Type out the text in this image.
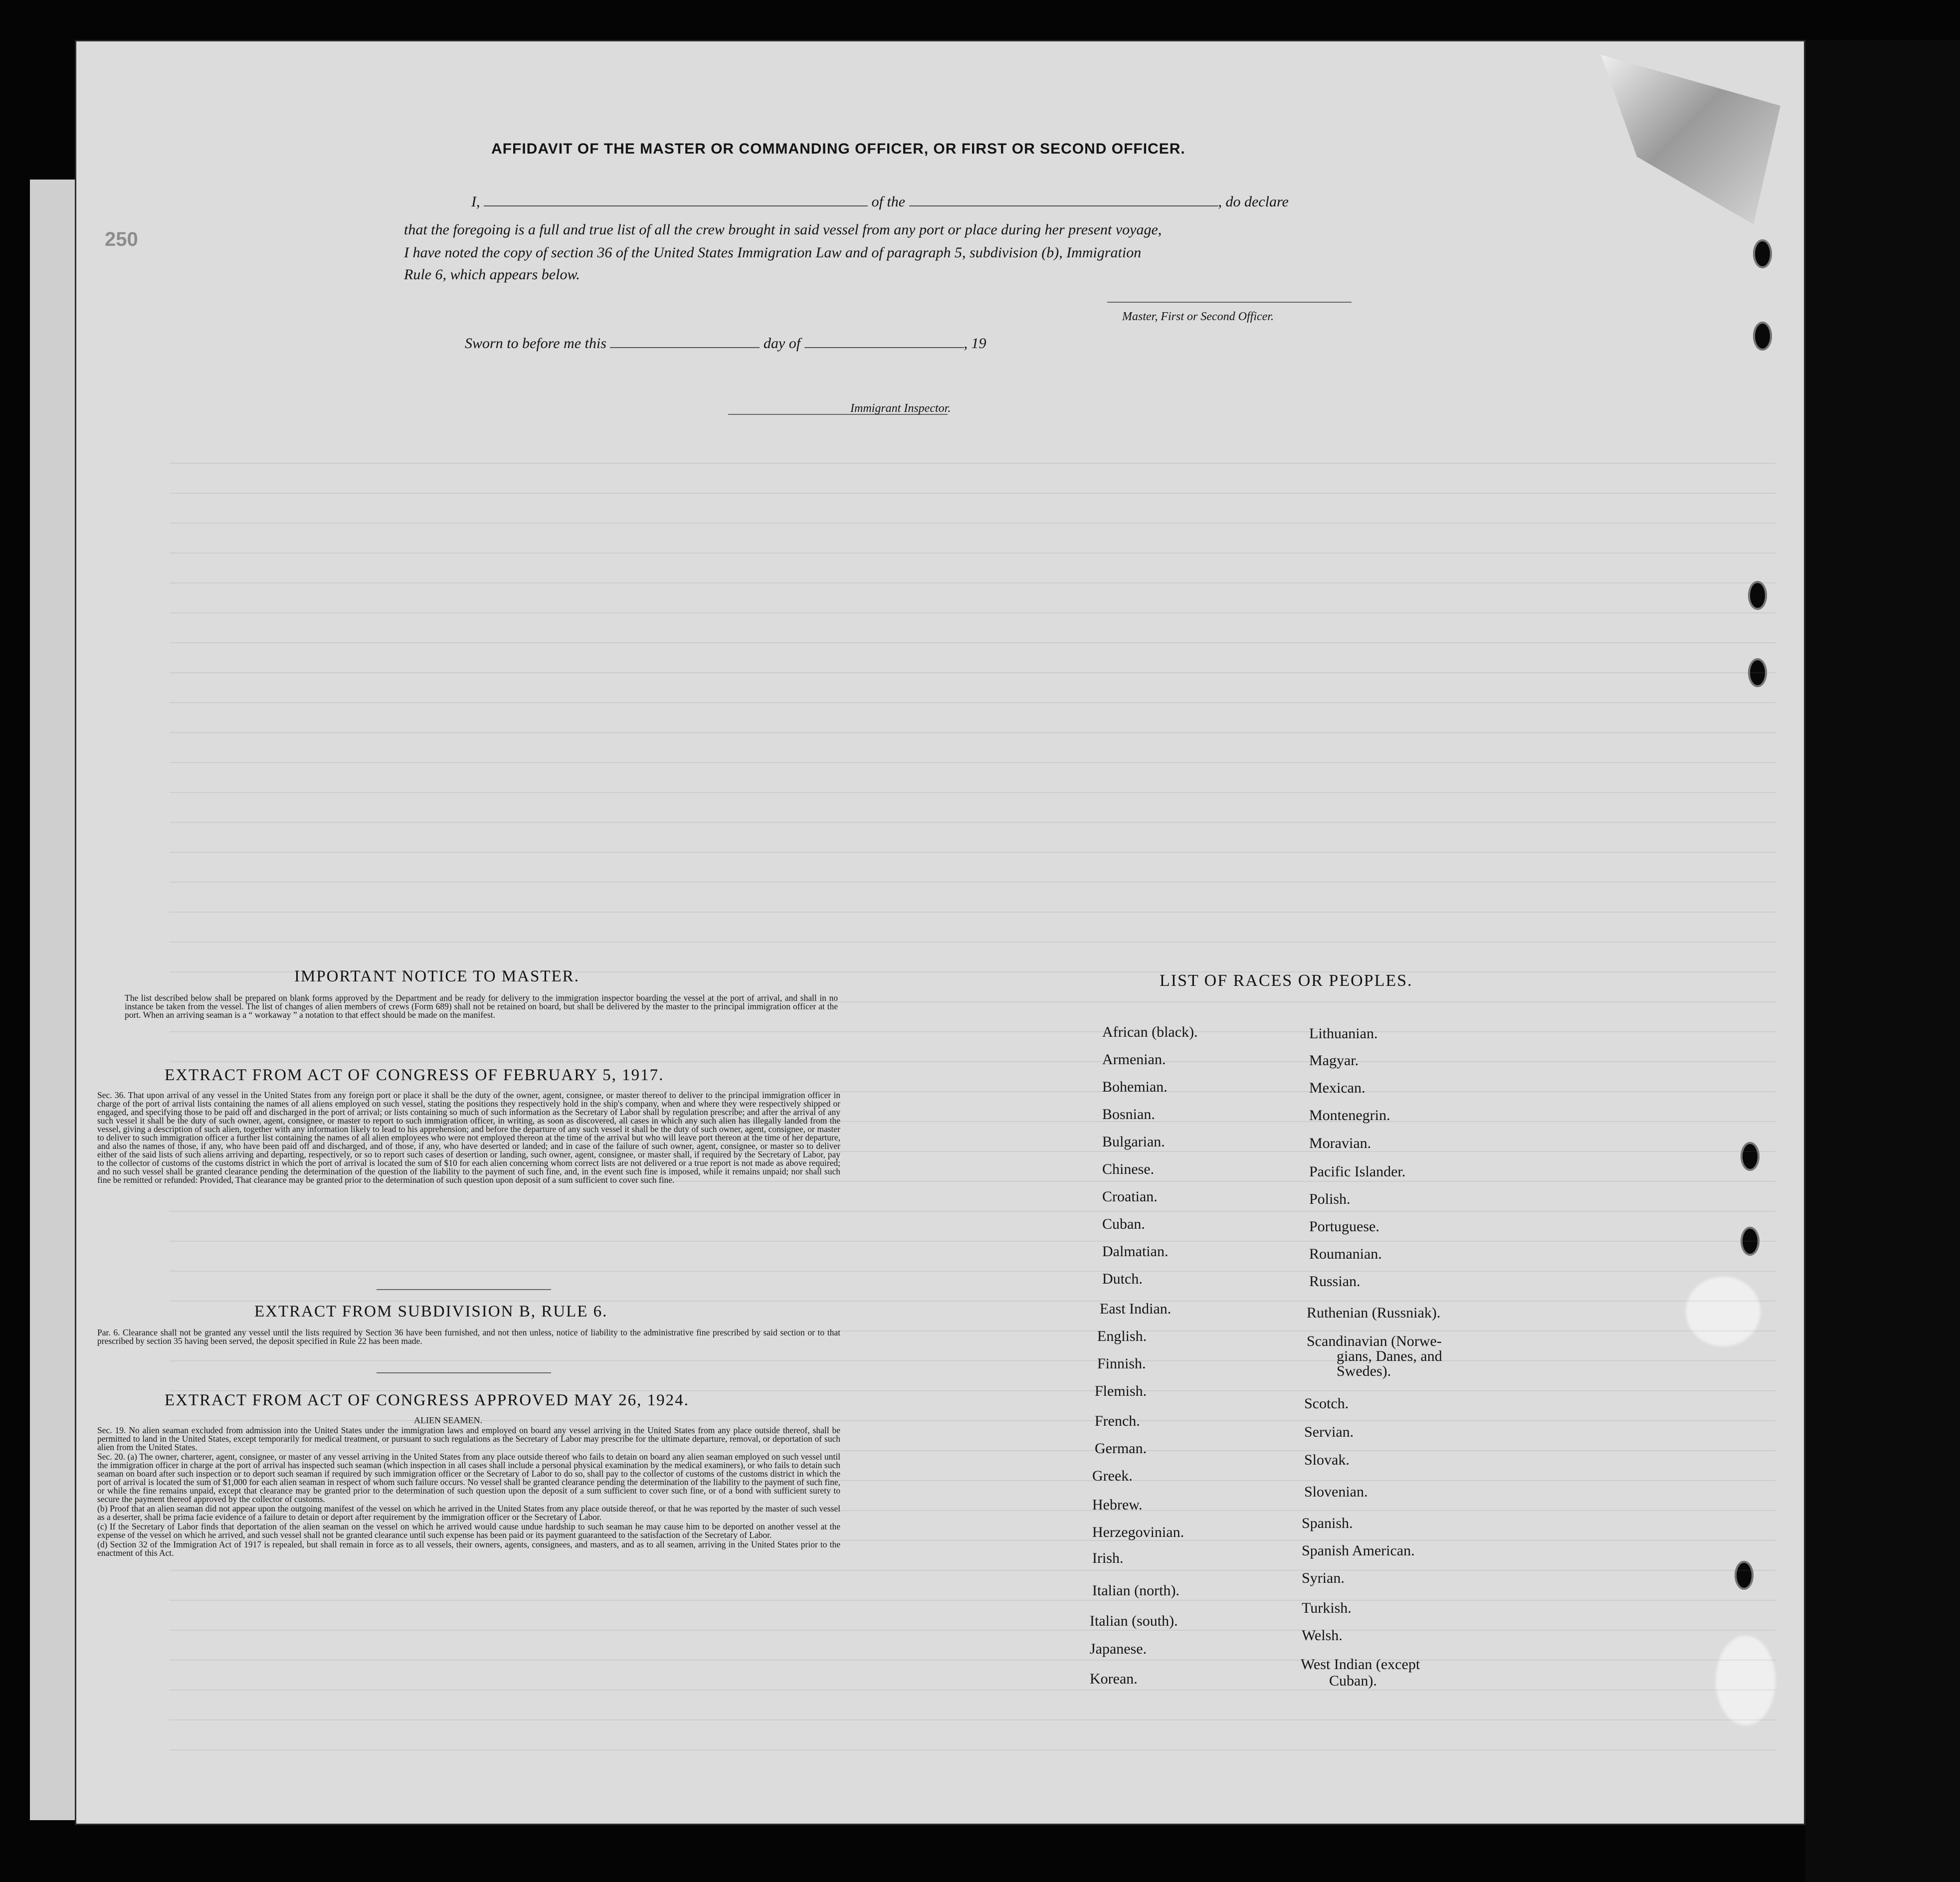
250
AFFIDAVIT OF THE MASTER OR COMMANDING OFFICER, OR FIRST OR SECOND OFFICER.
I,	of the	, do declare
that the foregoing is a full and true list of all the crew brought in said vessel from any port or place during her present voyage,
I have noted the copy of section 36 of the United States Immigration Law and of paragraph 5, subdivision (b), Immigration
Rule 6, which appears below.
Master, First or Second Officer.
Sworn to before me this	day of	, 19
Immigrant Inspector.
IMPORTANT NOTICE TO MASTER.

The list described below shall be prepared on blank forms approved by the Department and be ready for delivery to the immigration inspector boarding the vessel at the port of arrival, and shall in no instance be taken from the vessel. The list of changes of alien members of crews (Form 689) shall not be retained on board, but shall be delivered by the master to the principal immigration officer at the port. When an arriving seaman is a “ workaway ” a notation to that effect should be made on the manifest.

EXTRACT FROM ACT OF CONGRESS OF FEBRUARY 5, 1917.

Sec. 36. That upon arrival of any vessel in the United States from any foreign port or place it shall be the duty of the owner, agent, consignee, or master thereof to deliver to the principal immigration officer in charge of the port of arrival lists containing the names of all aliens employed on such vessel, stating the positions they respectively hold in the ship's company, when and where they were respectively shipped or engaged, and specifying those to be paid off and discharged in the port of arrival; or lists containing so much of such information as the Secretary of Labor shall by regulation prescribe; and after the arrival of any such vessel it shall be the duty of such owner, agent, consignee, or master to report to such immigration officer, in writing, as soon as discovered, all cases in which any such alien has illegally landed from the vessel, giving a description of such alien, together with any information likely to lead to his apprehension; and before the departure of any such vessel it shall be the duty of such owner, agent, consignee, or master to deliver to such immigration officer a further list containing the names of all alien employees who were not employed thereon at the time of the arrival but who will leave port thereon at the time of her departure, and also the names of those, if any, who have been paid off and discharged, and of those, if any, who have deserted or landed; and in case of the failure of such owner, agent, consignee, or master so to deliver either of the said lists of such aliens arriving and departing, respectively, or so to report such cases of desertion or landing, such owner, agent, consignee, or master shall, if required by the Secretary of Labor, pay to the collector of customs of the customs district in which the port of arrival is located the sum of $10 for each alien concerning whom correct lists are not delivered or a true report is not made as above required; and no such vessel shall be granted clearance pending the determination of the question of the liability to the payment of such fine, and, in the event such fine is imposed, while it remains unpaid; nor shall such fine be remitted or refunded: Provided, That clearance may be granted prior to the determination of such question upon deposit of a sum sufficient to cover such fine.

EXTRACT FROM SUBDIVISION B, RULE 6.

Par. 6. Clearance shall not be granted any vessel until the lists required by Section 36 have been furnished, and not then unless, notice of liability to the administrative fine prescribed by said section or to that prescribed by section 35 having been served, the deposit specified in Rule 22 has been made.

EXTRACT FROM ACT OF CONGRESS APPROVED MAY 26, 1924.
ALIEN SEAMEN.

Sec. 19. No alien seaman excluded from admission into the United States under the immigration laws and employed on board any vessel arriving in the United States from any place outside thereof, shall be permitted to land in the United States, except temporarily for medical treatment, or pursuant to such regulations as the Secretary of Labor may prescribe for the ultimate departure, removal, or deportation of such alien from the United States.

Sec. 20. (a) The owner, charterer, agent, consignee, or master of any vessel arriving in the United States from any place outside thereof who fails to detain on board any alien seaman employed on such vessel until the immigration officer in charge at the port of arrival has inspected such seaman (which inspection in all cases shall include a personal physical examination by the medical examiners), or who fails to detain such seaman on board after such inspection or to deport such seaman if required by such immigration officer or the Secretary of Labor to do so, shall pay to the collector of customs of the customs district in which the port of arrival is located the sum of $1,000 for each alien seaman in respect of whom such failure occurs. No vessel shall be granted clearance pending the determination of the liability to the payment of such fine, or while the fine remains unpaid, except that clearance may be granted prior to the determination of such question upon the deposit of a sum sufficient to cover such fine, or of a bond with sufficient surety to secure the payment thereof approved by the collector of customs.

(b) Proof that an alien seaman did not appear upon the outgoing manifest of the vessel on which he arrived in the United States from any place outside thereof, or that he was reported by the master of such vessel as a deserter, shall be prima facie evidence of a failure to detain or deport after requirement by the immigration officer or the Secretary of Labor.

(c) If the Secretary of Labor finds that deportation of the alien seaman on the vessel on which he arrived would cause undue hardship to such seaman he may cause him to be deported on another vessel at the expense of the vessel on which he arrived, and such vessel shall not be granted clearance until such expense has been paid or its payment guaranteed to the satisfaction of the Secretary of Labor.

(d) Section 32 of the Immigration Act of 1917 is repealed, but shall remain in force as to all vessels, their owners, agents, consignees, and masters, and as to all seamen, arriving in the United States prior to the enactment of this Act.

LIST OF RACES OR PEOPLES.
African (black).
Armenian.
Bohemian.
Bosnian.
Bulgarian.
Chinese.
Croatian.
Cuban.
Dalmatian.
Dutch.
East Indian.
English.
Finnish.
Flemish.
French.
German.
Greek.
Hebrew.
Herzegovinian.
Irish.
Italian (north).
Italian (south).
Japanese.
Korean.
Lithuanian.
Magyar.
Mexican.
Montenegrin.
Moravian.
Pacific Islander.
Polish.
Portuguese.
Roumanian.
Russian.
Ruthenian (Russniak).
Scandinavian (Norwe-
gians, Danes, and
Swedes).
Scotch.
Servian.
Slovak.
Slovenian.
Spanish.
Spanish American.
Syrian.
Turkish.
Welsh.
West Indian (except
Cuban).
